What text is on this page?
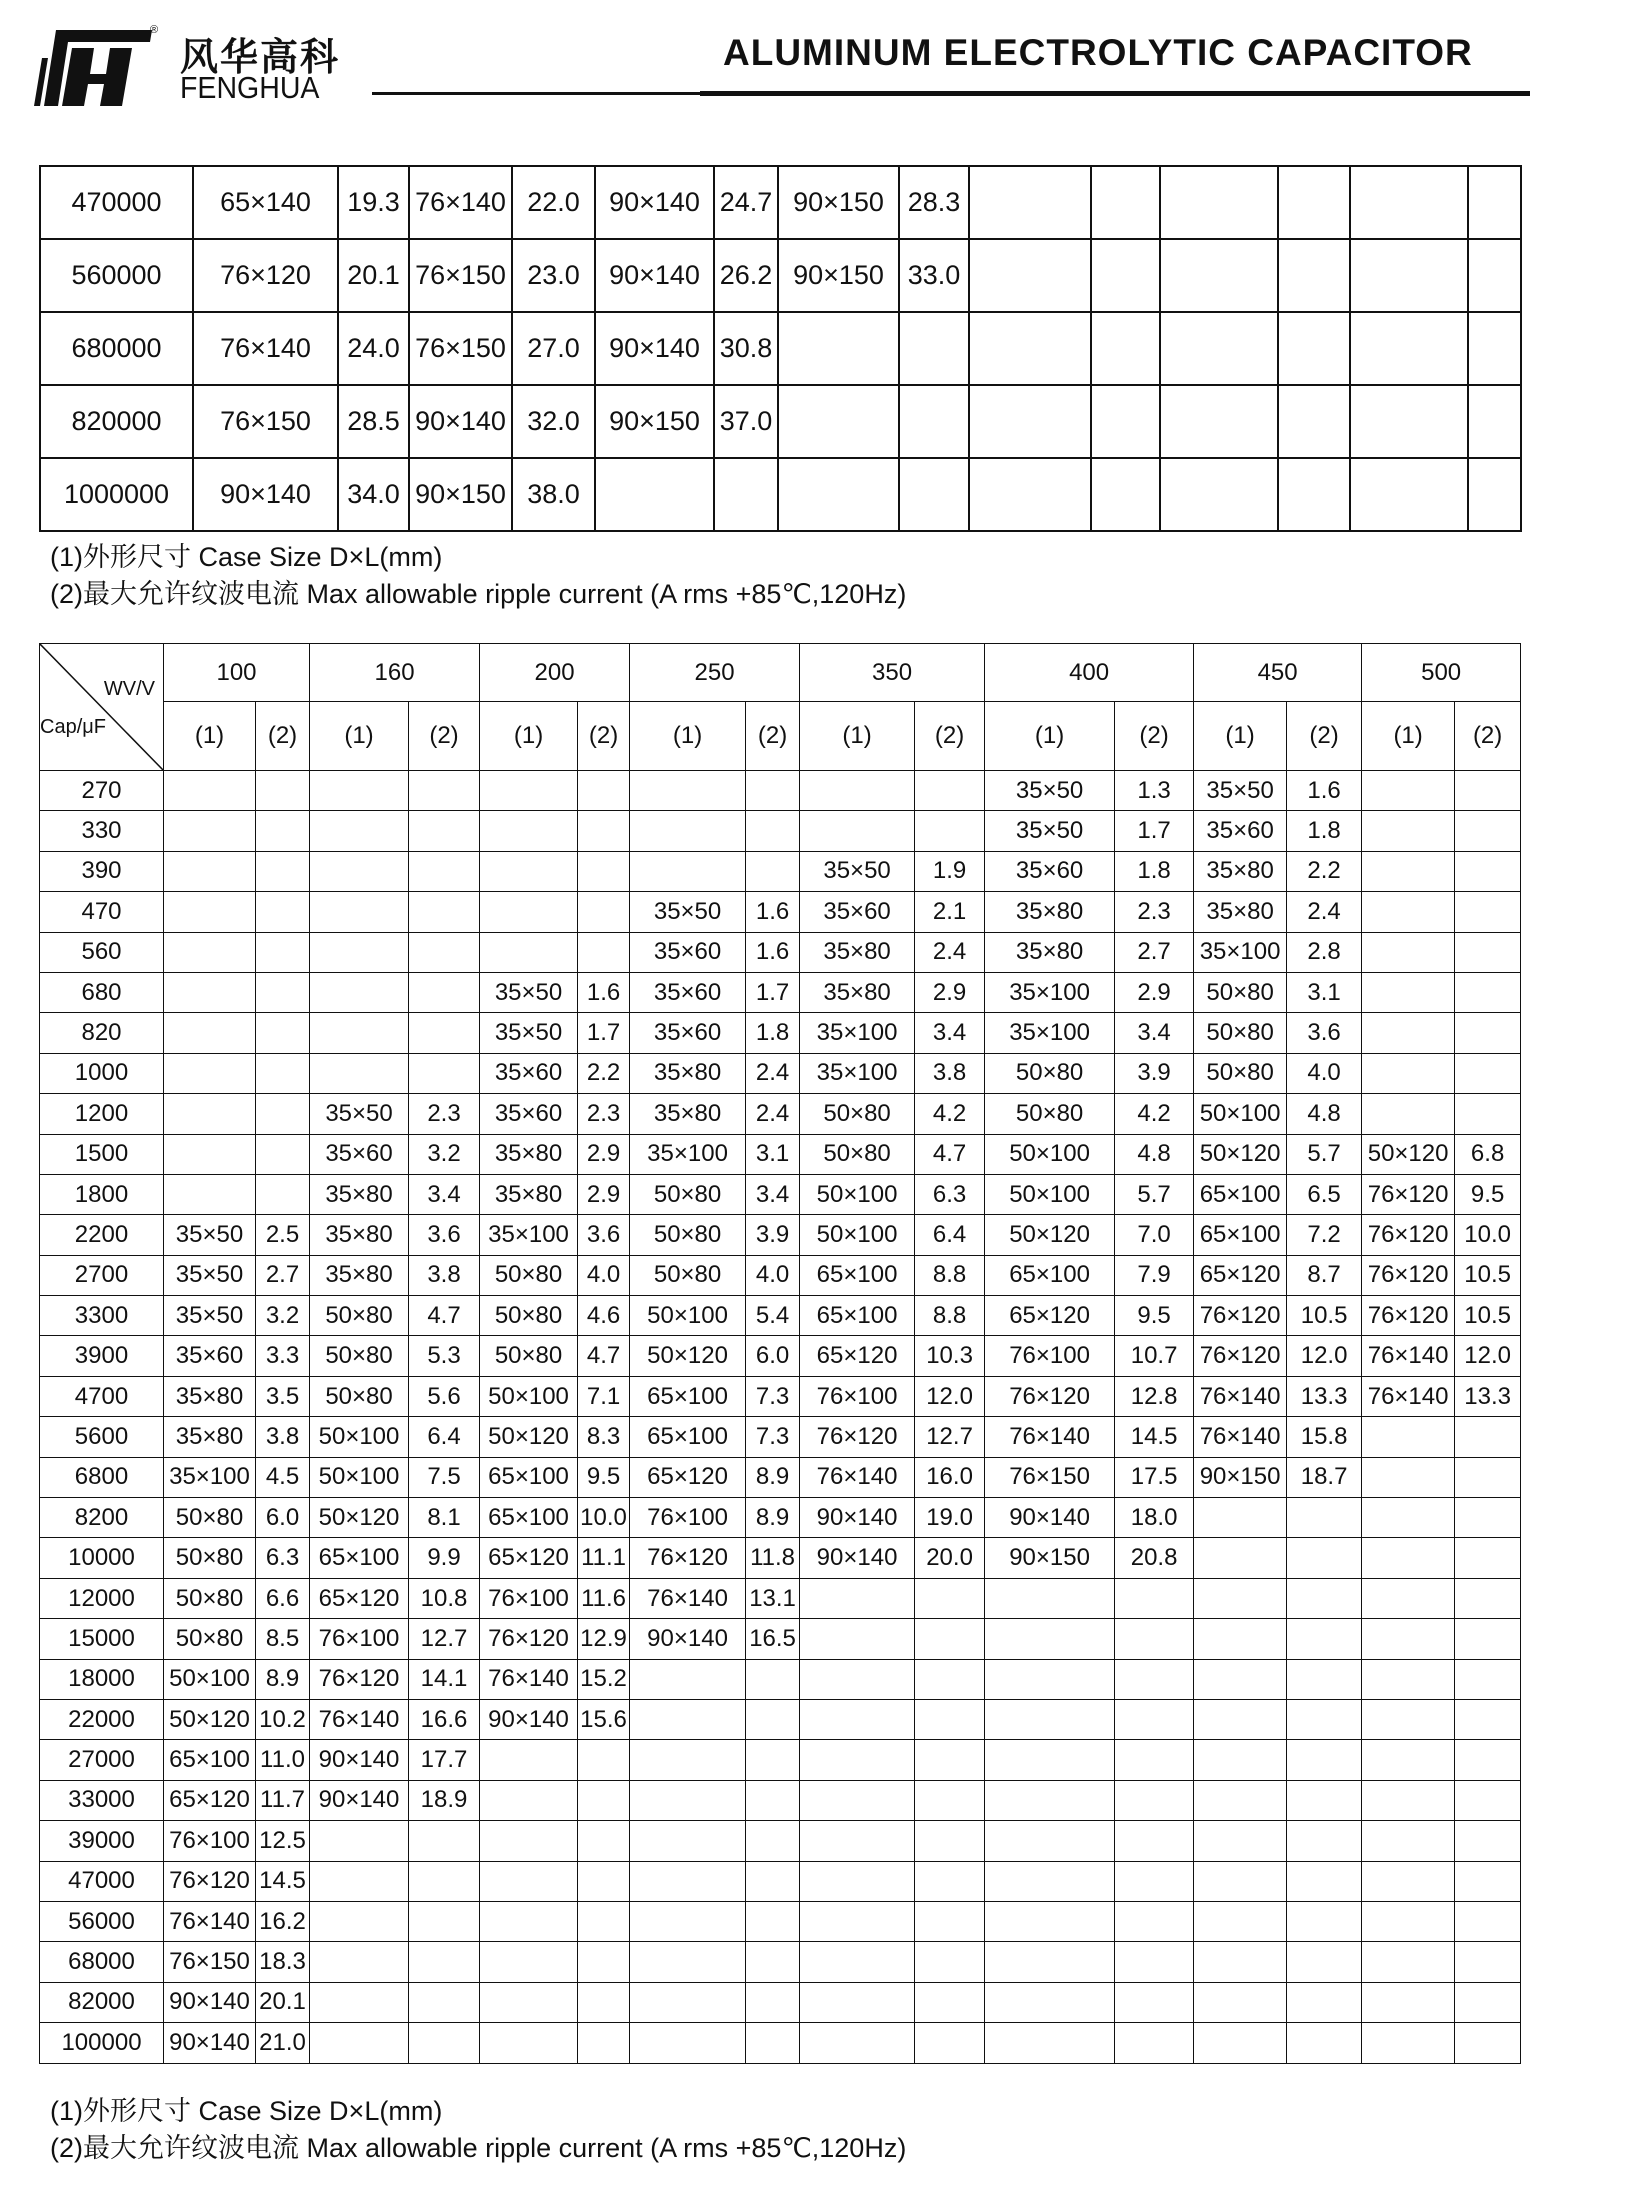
®
风华高科
FENGHUA
ALUMINUM ELECTROLYTIC CAPACITOR
470000	65×140	19.3	76×140	22.0	90×140	24.7	90×150	28.3						
560000	76×120	20.1	76×150	23.0	90×140	26.2	90×150	33.0						
680000	76×140	24.0	76×150	27.0	90×140	30.8								
820000	76×150	28.5	90×140	32.0	90×150	37.0								
1000000	90×140	34.0	90×150	38.0										
(1)外形尺寸 Case Size D×L(mm)
(2)最大允许纹波电流 Max allowable ripple current (A rms +85℃,120Hz)
WV/V
Cap/μF	100		160		200		250		350		400		450		500	
	(1)	(2)	(1)	(2)	(1)	(2)	(1)	(2)	(1)	(2)	(1)	(2)	(1)	(2)	(1)	(2)
270											35×50	1.3	35×50	1.6		
330											35×50	1.7	35×60	1.8		
390									35×50	1.9	35×60	1.8	35×80	2.2		
470							35×50	1.6	35×60	2.1	35×80	2.3	35×80	2.4		
560							35×60	1.6	35×80	2.4	35×80	2.7	35×100	2.8		
680					35×50	1.6	35×60	1.7	35×80	2.9	35×100	2.9	50×80	3.1		
820					35×50	1.7	35×60	1.8	35×100	3.4	35×100	3.4	50×80	3.6		
1000					35×60	2.2	35×80	2.4	35×100	3.8	50×80	3.9	50×80	4.0		
1200			35×50	2.3	35×60	2.3	35×80	2.4	50×80	4.2	50×80	4.2	50×100	4.8		
1500			35×60	3.2	35×80	2.9	35×100	3.1	50×80	4.7	50×100	4.8	50×120	5.7	50×120	6.8
1800			35×80	3.4	35×80	2.9	50×80	3.4	50×100	6.3	50×100	5.7	65×100	6.5	76×120	9.5
2200	35×50	2.5	35×80	3.6	35×100	3.6	50×80	3.9	50×100	6.4	50×120	7.0	65×100	7.2	76×120	10.0
2700	35×50	2.7	35×80	3.8	50×80	4.0	50×80	4.0	65×100	8.8	65×100	7.9	65×120	8.7	76×120	10.5
3300	35×50	3.2	50×80	4.7	50×80	4.6	50×100	5.4	65×100	8.8	65×120	9.5	76×120	10.5	76×120	10.5
3900	35×60	3.3	50×80	5.3	50×80	4.7	50×120	6.0	65×120	10.3	76×100	10.7	76×120	12.0	76×140	12.0
4700	35×80	3.5	50×80	5.6	50×100	7.1	65×100	7.3	76×100	12.0	76×120	12.8	76×140	13.3	76×140	13.3
5600	35×80	3.8	50×100	6.4	50×120	8.3	65×100	7.3	76×120	12.7	76×140	14.5	76×140	15.8		
6800	35×100	4.5	50×100	7.5	65×100	9.5	65×120	8.9	76×140	16.0	76×150	17.5	90×150	18.7		
8200	50×80	6.0	50×120	8.1	65×100	10.0	76×100	8.9	90×140	19.0	90×140	18.0				
10000	50×80	6.3	65×100	9.9	65×120	11.1	76×120	11.8	90×140	20.0	90×150	20.8				
12000	50×80	6.6	65×120	10.8	76×100	11.6	76×140	13.1								
15000	50×80	8.5	76×100	12.7	76×120	12.9	90×140	16.5								
18000	50×100	8.9	76×120	14.1	76×140	15.2										
22000	50×120	10.2	76×140	16.6	90×140	15.6										
27000	65×100	11.0	90×140	17.7												
33000	65×120	11.7	90×140	18.9												
39000	76×100	12.5														
47000	76×120	14.5														
56000	76×140	16.2														
68000	76×150	18.3														
82000	90×140	20.1														
100000	90×140	21.0														
(1)外形尺寸 Case Size D×L(mm)
(2)最大允许纹波电流 Max allowable ripple current (A rms +85℃,120Hz)
